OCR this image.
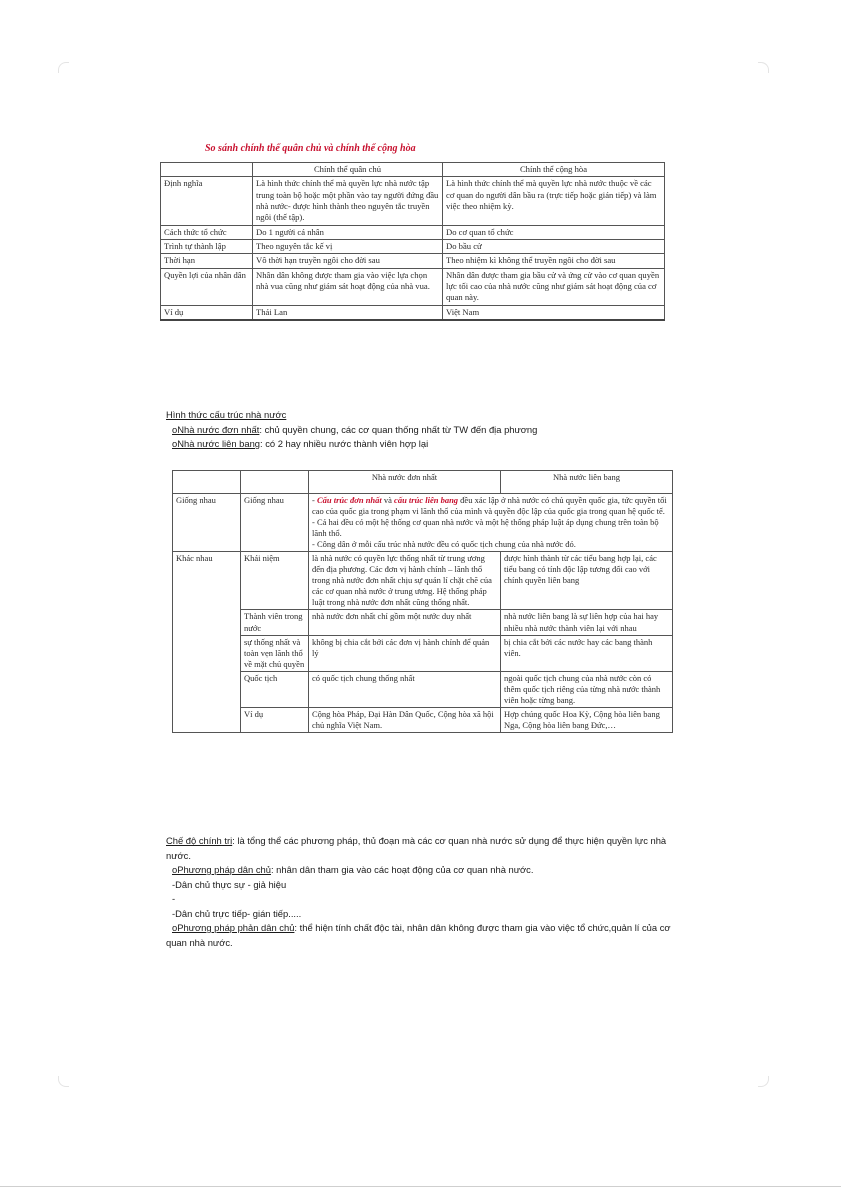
So sánh chính thể quân chủ và chính thể cộng hòa
	Chính thể quân chủ	Chính thể cộng hòa
Định nghĩa	Là hình thức chính thể mà quyền lực nhà nước tập trung toàn bộ hoặc một phần vào tay người đứng đầu nhà nước- được hình thành theo nguyên tắc truyền ngôi (thế tập).	Là hình thức chính thể mà quyền lực nhà nước thuộc về các cơ quan do người dân bầu ra (trực tiếp hoặc gián tiếp) và làm việc theo nhiệm kỳ.
Cách thức tổ chức	Do 1 người cá nhân	Do cơ quan tổ chức
Trình tự thành lập	Theo nguyên tắc kế vị	Do bầu cử
Thời hạn	Vô thời hạn truyền ngôi cho đời sau	Theo nhiệm kì không thể truyền ngôi cho đời sau
Quyền lợi của nhân dân	Nhân dân không được tham gia vào việc lựa chọn nhà vua cũng như giám sát hoạt động của nhà vua.	Nhân dân được tham gia bầu cử và ứng cử vào cơ quan quyền lực tối cao của nhà nước cũng như giám sát hoạt động của cơ quan này.
Ví dụ	Thái Lan	Việt Nam
Hình thức cấu trúc nhà nước
oNhà nước đơn nhất: chủ quyền chung, các cơ quan thống nhất từ TW đến địa phương
oNhà nước liên bang: có 2 hay nhiều nước thành viên hợp lại
		Nhà nước đơn nhất	Nhà nước liên bang
Giống nhau	Giống nhau	- Cấu trúc đơn nhất và cấu trúc liên bang đều xác lập ở nhà nước có chủ quyền quốc gia, tức quyền tối cao của quốc gia trong phạm vi lãnh thổ của mình và quyền độc lập của quốc gia trong quan hệ quốc tế.
- Cả hai đều có một hệ thống cơ quan nhà nước và một hệ thống pháp luật áp dụng chung trên toàn bộ lãnh thổ.
- Công dân ở mỗi cấu trúc nhà nước đều có quốc tịch chung của nhà nước đó.	

Khác nhau	Khái niệm	là nhà nước có quyền lực thống nhất từ trung ương đến địa phương. Các đơn vị hành chính – lãnh thổ trong nhà nước đơn nhất chịu sự quản lí chặt chẽ của các cơ quan nhà nước ở trung ương. Hệ thống pháp luật trong nhà nước đơn nhất cũng thống nhất.	được hình thành từ các tiểu bang hợp lại, các tiểu bang có tính độc lập tương đối cao với chính quyền liên bang
	Thành viên trong nước	nhà nước đơn nhất chỉ gồm một nước duy nhất	nhà nước liên bang là sự liên hợp của hai hay nhiều nhà nước thành viên lại với nhau
	sự thống nhất và toàn vẹn lãnh thổ về mặt chủ quyền	không bị chia cắt bởi các đơn vị hành chính để quản lý	bị chia cắt bởi các nước hay các bang thành viên.
	Quốc tịch	có quốc tịch chung thống nhất	ngoài quốc tịch chung của nhà nước còn có thêm quốc tịch riêng của từng nhà nước thành viên hoặc từng bang.
	Ví dụ	Cộng hòa Pháp, Đại Hàn Dân Quốc, Cộng hòa xã hội chủ nghĩa Việt Nam.	Hợp chúng quốc Hoa Kỳ, Cộng hòa liên bang Nga, Cộng hòa liên bang Đức,…
Chế độ chính trị: là tổng thể các phương pháp, thủ đoạn mà các cơ quan nhà nước sử dụng để thực hiện quyền lực nhà nước.
oPhương pháp dân chủ: nhân dân tham gia vào các hoạt động của cơ quan nhà nước.
-Dân chủ thực sự - giả hiệu
-
-Dân chủ trực tiếp- gián tiếp.....
oPhương pháp phản dân chủ: thể hiện tính chất độc tài, nhân dân không được tham gia vào việc tổ chức,quản lí của cơ quan nhà nước.
